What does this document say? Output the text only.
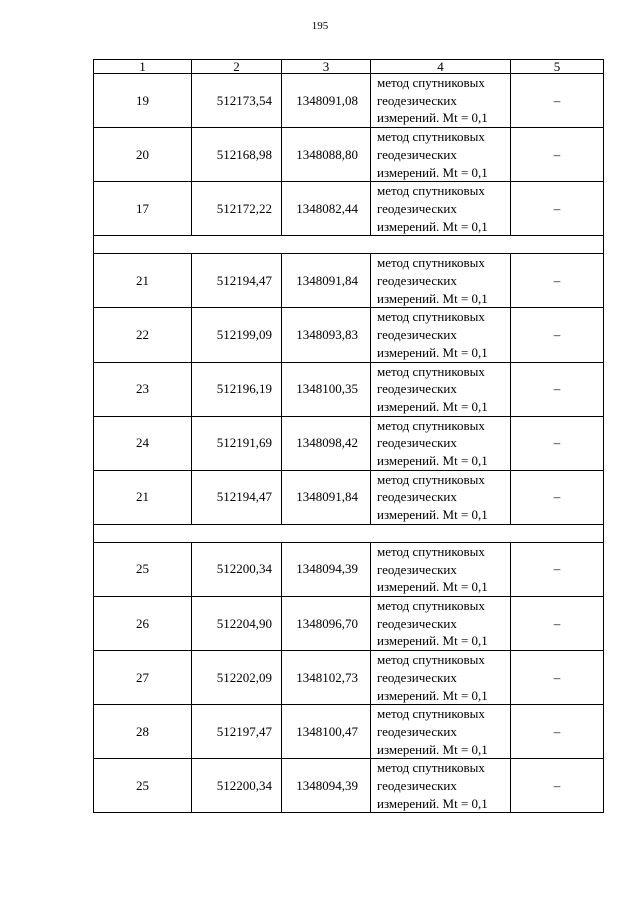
195
1	2	3	4	5
19	512173,54	1348091,08	метод спутниковых
геодезических
измерений. Mt = 0,1	–
20	512168,98	1348088,80	метод спутниковых
геодезических
измерений. Mt = 0,1	–
17	512172,22	1348082,44	метод спутниковых
геодезических
измерений. Mt = 0,1	–

21	512194,47	1348091,84	метод спутниковых
геодезических
измерений. Mt = 0,1	–
22	512199,09	1348093,83	метод спутниковых
геодезических
измерений. Mt = 0,1	–
23	512196,19	1348100,35	метод спутниковых
геодезических
измерений. Mt = 0,1	–
24	512191,69	1348098,42	метод спутниковых
геодезических
измерений. Mt = 0,1	–
21	512194,47	1348091,84	метод спутниковых
геодезических
измерений. Mt = 0,1	–

25	512200,34	1348094,39	метод спутниковых
геодезических
измерений. Mt = 0,1	–
26	512204,90	1348096,70	метод спутниковых
геодезических
измерений. Mt = 0,1	–
27	512202,09	1348102,73	метод спутниковых
геодезических
измерений. Mt = 0,1	–
28	512197,47	1348100,47	метод спутниковых
геодезических
измерений. Mt = 0,1	–
25	512200,34	1348094,39	метод спутниковых
геодезических
измерений. Mt = 0,1	–
